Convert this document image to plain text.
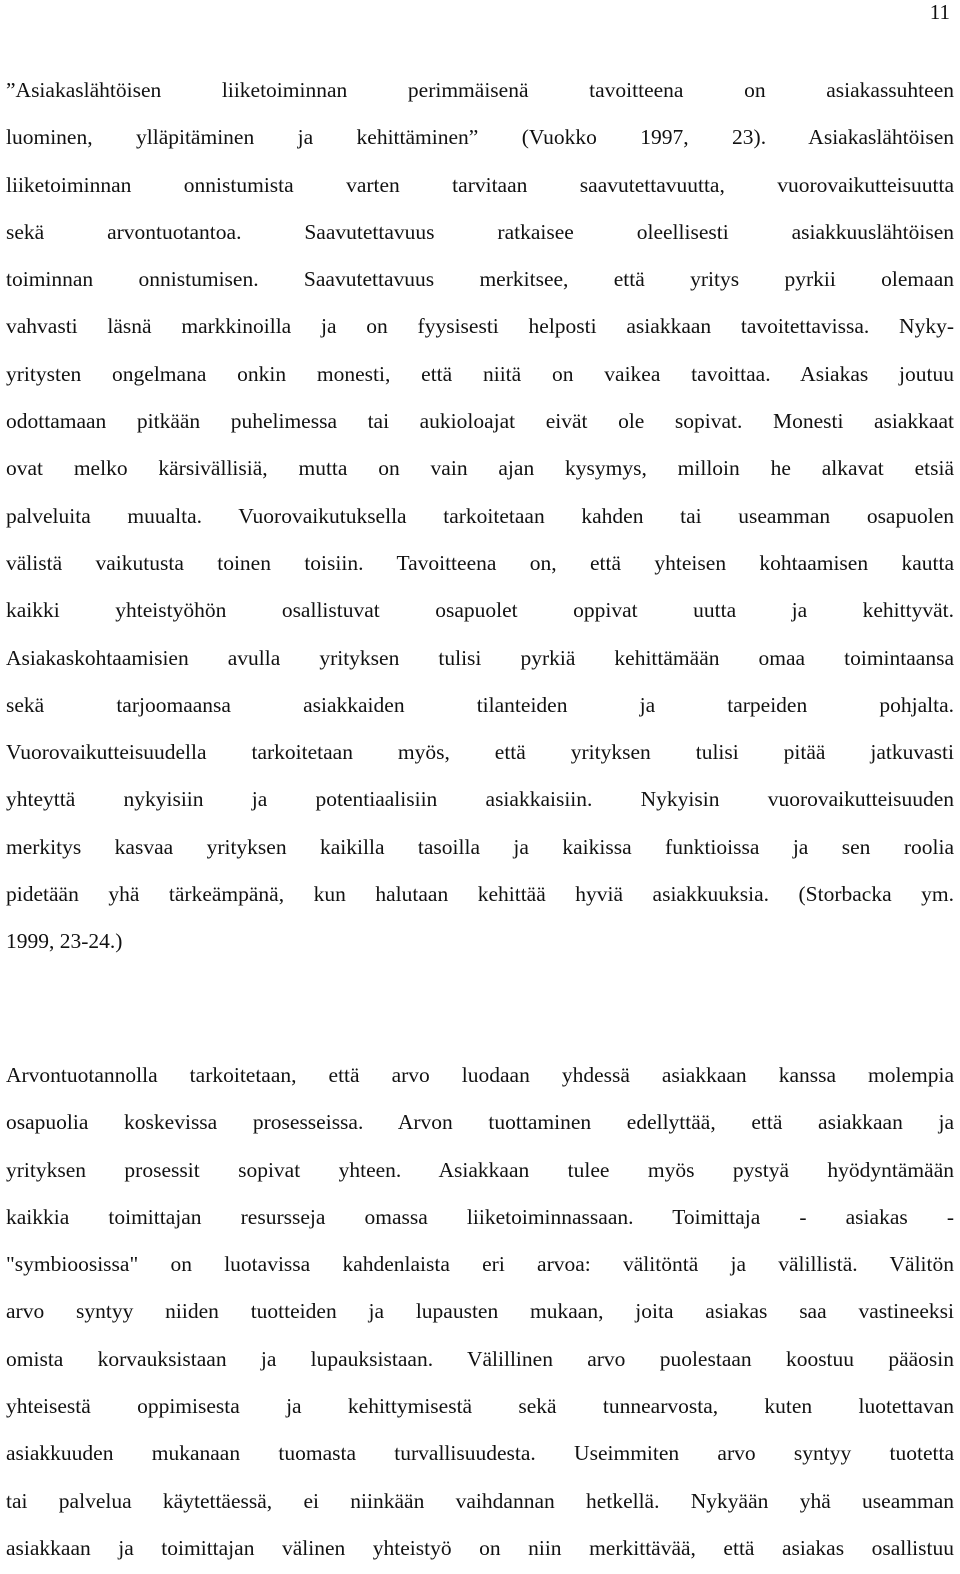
11
”Asiakaslähtöisen liiketoiminnan perimmäisenä tavoitteena on asiakassuhteen
luominen, ylläpitäminen ja kehittäminen” (Vuokko 1997, 23). Asiakaslähtöisen
liiketoiminnan onnistumista varten tarvitaan saavutettavuutta, vuorovaikutteisuutta
sekä arvontuotantoa. Saavutettavuus ratkaisee oleellisesti asiakkuuslähtöisen
toiminnan onnistumisen. Saavutettavuus merkitsee, että yritys pyrkii olemaan
vahvasti läsnä markkinoilla ja on fyysisesti helposti asiakkaan tavoitettavissa. Nyky-
yritysten ongelmana onkin monesti, että niitä on vaikea tavoittaa. Asiakas joutuu
odottamaan pitkään puhelimessa tai aukioloajat eivät ole sopivat. Monesti asiakkaat
ovat melko kärsivällisiä, mutta on vain ajan kysymys, milloin he alkavat etsiä
palveluita muualta. Vuorovaikutuksella tarkoitetaan kahden tai useamman osapuolen
välistä vaikutusta toinen toisiin. Tavoitteena on, että yhteisen kohtaamisen kautta
kaikki yhteistyöhön osallistuvat osapuolet oppivat uutta ja kehittyvät.
Asiakaskohtaamisien avulla yrityksen tulisi pyrkiä kehittämään omaa toimintaansa
sekä tarjoomaansa asiakkaiden tilanteiden ja tarpeiden pohjalta.
Vuorovaikutteisuudella tarkoitetaan myös, että yrityksen tulisi pitää jatkuvasti
yhteyttä nykyisiin ja potentiaalisiin asiakkaisiin. Nykyisin vuorovaikutteisuuden
merkitys kasvaa yrityksen kaikilla tasoilla ja kaikissa funktioissa ja sen roolia
pidetään yhä tärkeämpänä, kun halutaan kehittää hyviä asiakkuuksia. (Storbacka ym.
1999, 23-24.)
Arvontuotannolla tarkoitetaan, että arvo luodaan yhdessä asiakkaan kanssa molempia
osapuolia koskevissa prosesseissa. Arvon tuottaminen edellyttää, että asiakkaan ja
yrityksen prosessit sopivat yhteen. Asiakkaan tulee myös pystyä hyödyntämään
kaikkia toimittajan resursseja omassa liiketoiminnassaan. Toimittaja - asiakas -
"symbioosissa" on luotavissa kahdenlaista eri arvoa: välitöntä ja välillistä. Välitön
arvo syntyy niiden tuotteiden ja lupausten mukaan, joita asiakas saa vastineeksi
omista korvauksistaan ja lupauksistaan. Välillinen arvo puolestaan koostuu pääosin
yhteisestä oppimisesta ja kehittymisestä sekä tunnearvosta, kuten luotettavan
asiakkuuden mukanaan tuomasta turvallisuudesta. Useimmiten arvo syntyy tuotetta
tai palvelua käytettäessä, ei niinkään vaihdannan hetkellä. Nykyään yhä useamman
asiakkaan ja toimittajan välinen yhteistyö on niin merkittävää, että asiakas osallistuu
